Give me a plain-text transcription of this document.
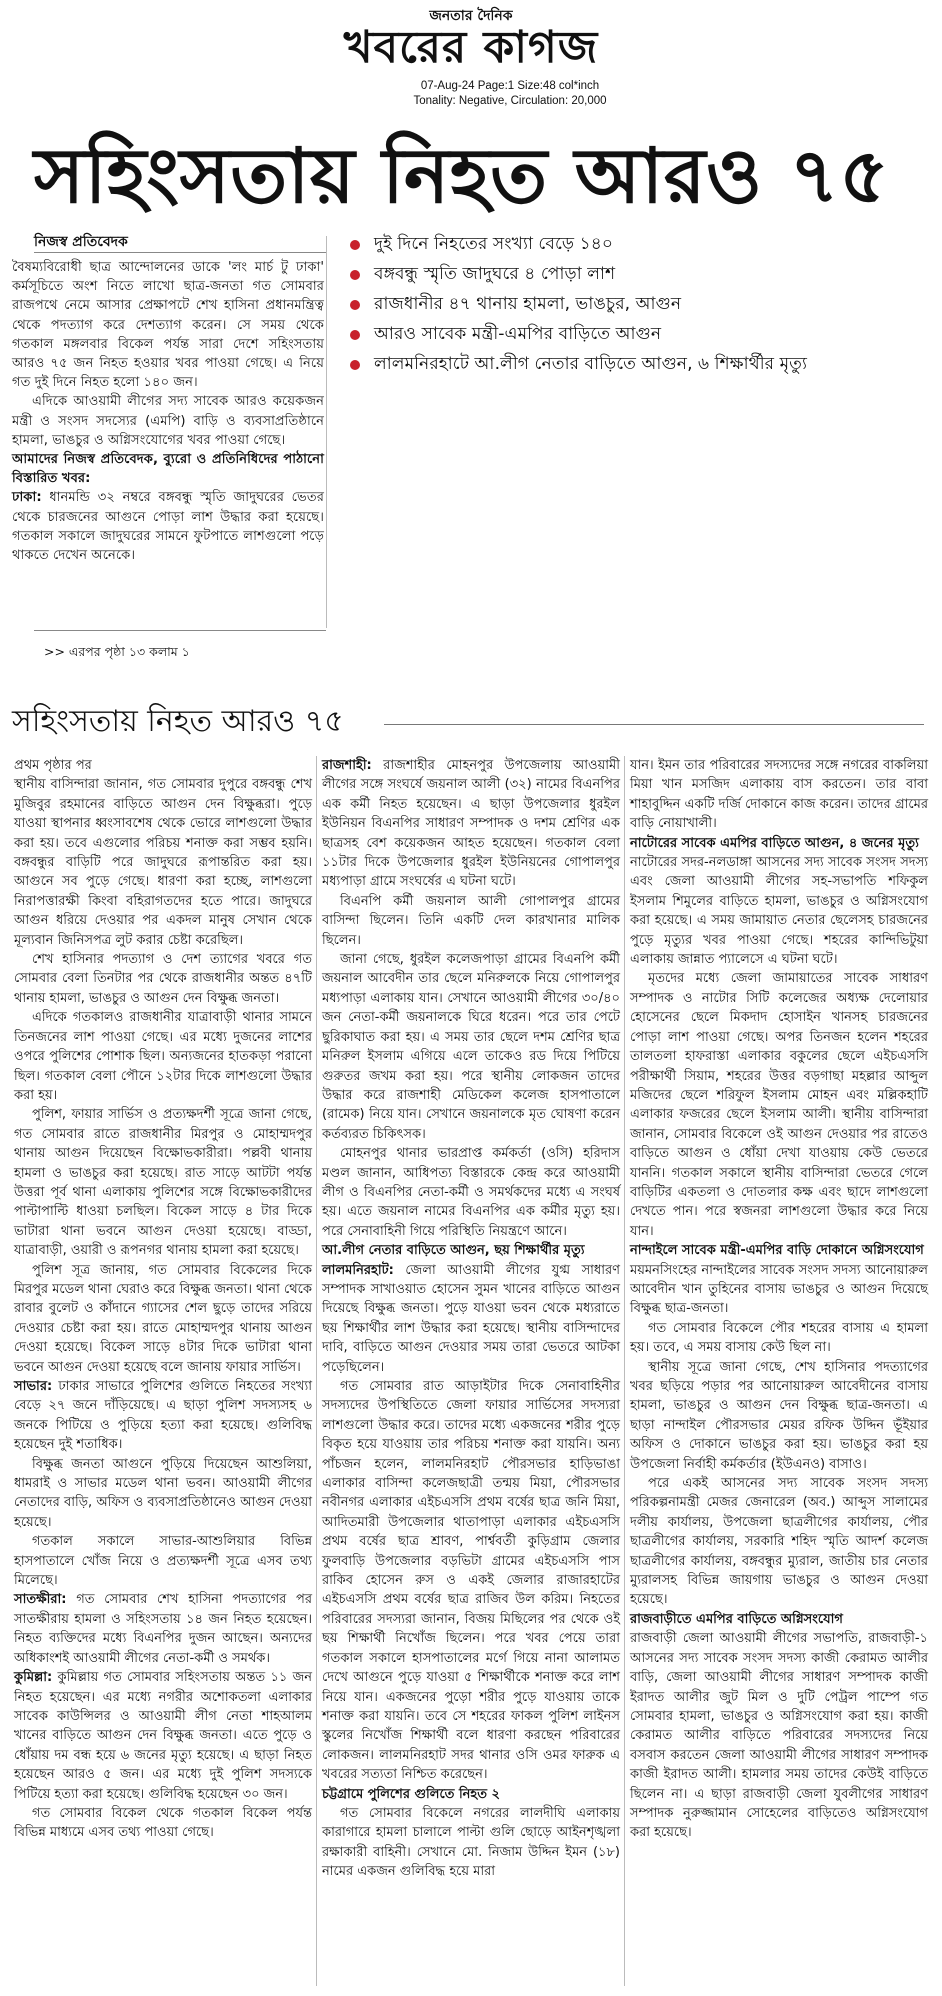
জনতার দৈনিক
খবরের কাগজ
07-Aug-24 Page:1 Size:48 col*inch
Tonality: Negative, Circulation: 20,000
সহিংসতায় নিহত আরও ৭৫
নিজস্ব প্রতিবেদক

বৈষম্যবিরোধী ছাত্র আন্দোলনের ডাকে 'লং মার্চ টু ঢাকা' কর্মসূচিতে অংশ নিতে লাখো ছাত্র-জনতা গত সোমবার রাজপথে নেমে আসার প্রেক্ষাপটে শেখ হাসিনা প্রধানমন্ত্রিত্ব থেকে পদত্যাগ করে দেশত্যাগ করেন। সে সময় থেকে গতকাল মঙ্গলবার বিকেল পর্যন্ত সারা দেশে সহিংসতায় আরও ৭৫ জন নিহত হওয়ার খবর পাওয়া গেছে। এ নিয়ে গত দুই দিনে নিহত হলো ১৪০ জন।

এদিকে আওয়ামী লীগের সদ্য সাবেক আরও কয়েকজন মন্ত্রী ও সংসদ সদস্যের (এমপি) বাড়ি ও ব্যবসাপ্রতিষ্ঠানে হামলা, ভাঙচুর ও অগ্নিসংযোগের খবর পাওয়া গেছে।

আমাদের নিজস্ব প্রতিবেদক, ব্যুরো ও প্রতিনিধিদের পাঠানো বিস্তারিত খবর:

ঢাকা: ধানমন্ডি ৩২ নম্বরে বঙ্গবন্ধু স্মৃতি জাদুঘরের ভেতর থেকে চারজনের আগুনে পোড়া লাশ উদ্ধার করা হয়েছে। গতকাল সকালে জাদুঘরের সামনে ফুটপাতে লাশগুলো পড়ে থাকতে দেখেন অনেকে।

>> এরপর পৃষ্ঠা ১৩ কলাম ১
দুই দিনে নিহতের সংখ্যা বেড়ে ১৪০
বঙ্গবন্ধু স্মৃতি জাদুঘরে ৪ পোড়া লাশ
রাজধানীর ৪৭ থানায় হামলা, ভাঙচুর, আগুন
আরও সাবেক মন্ত্রী-এমপির বাড়িতে আগুন
লালমনিরহাটে আ.লীগ নেতার বাড়িতে আগুন, ৬ শিক্ষার্থীর মৃত্যু
সহিংসতায় নিহত আরও ৭৫

প্রথম পৃষ্ঠার পর

স্থানীয় বাসিন্দারা জানান, গত সোমবার দুপুরে বঙ্গবন্ধু শেখ মুজিবুর রহমানের বাড়িতে আগুন দেন বিক্ষুব্ধরা। পুড়ে যাওয়া স্থাপনার ধ্বংসাবশেষ থেকে ভোরে লাশগুলো উদ্ধার করা হয়। তবে এগুলোর পরিচয় শনাক্ত করা সম্ভব হয়নি। বঙ্গবন্ধুর বাড়িটি পরে জাদুঘরে রূপান্তরিত করা হয়। আগুনে সব পুড়ে গেছে। ধারণা করা হচ্ছে, লাশগুলো নিরাপত্তারক্ষী কিংবা বহিরাগতদের হতে পারে। জাদুঘরে আগুন ধরিয়ে দেওয়ার পর একদল মানুষ সেখান থেকে মূল্যবান জিনিসপত্র লুট করার চেষ্টা করেছিল।

শেখ হাসিনার পদত্যাগ ও দেশ ত্যাগের খবরে গত সোমবার বেলা তিনটার পর থেকে রাজধানীর অন্তত ৪৭টি থানায় হামলা, ভাঙচুর ও আগুন দেন বিক্ষুব্ধ জনতা।

এদিকে গতকালও রাজধানীর যাত্রাবাড়ী থানার সামনে তিনজনের লাশ পাওয়া গেছে। এর মধ্যে দুজনের লাশের ওপরে পুলিশের পোশাক ছিল। অন্যজনের হাতকড়া পরানো ছিল। গতকাল বেলা পৌনে ১২টার দিকে লাশগুলো উদ্ধার করা হয়।

পুলিশ, ফায়ার সার্ভিস ও প্রত্যক্ষদর্শী সূত্রে জানা গেছে, গত সোমবার রাতে রাজধানীর মিরপুর ও মোহাম্মদপুর থানায় আগুন দিয়েছেন বিক্ষোভকারীরা। পল্লবী থানায় হামলা ও ভাঙচুর করা হয়েছে। রাত সাড়ে আটটা পর্যন্ত উত্তরা পূর্ব থানা এলাকায় পুলিশের সঙ্গে বিক্ষোভকারীদের পাল্টাপাল্টি ধাওয়া চলছিল। বিকেল সাড়ে ৪ টার দিকে ভাটারা থানা ভবনে আগুন দেওয়া হয়েছে। বাড্ডা, যাত্রাবাড়ী, ওয়ারী ও রূপনগর থানায় হামলা করা হয়েছে।

পুলিশ সূত্র জানায়, গত সোমবার বিকেলের দিকে মিরপুর মডেল থানা ঘেরাও করে বিক্ষুব্ধ জনতা। থানা থেকে রাবার বুলেট ও কাঁদানে গ্যাসের শেল ছুড়ে তাদের সরিয়ে দেওয়ার চেষ্টা করা হয়। রাতে মোহাম্মদপুর থানায় আগুন দেওয়া হয়েছে। বিকেল সাড়ে ৪টার দিকে ভাটারা থানা ভবনে আগুন দেওয়া হয়েছে বলে জানায় ফায়ার সার্ভিস।

সাভার: ঢাকার সাভারে পুলিশের গুলিতে নিহতের সংখ্যা বেড়ে ২৭ জনে দাঁড়িয়েছে। এ ছাড়া পুলিশ সদস্যসহ ৬ জনকে পিটিয়ে ও পুড়িয়ে হত্যা করা হয়েছে। গুলিবিদ্ধ হয়েছেন দুই শতাধিক।

বিক্ষুব্ধ জনতা আগুনে পুড়িয়ে দিয়েছেন আশুলিয়া, ধামরাই ও সাভার মডেল থানা ভবন। আওয়ামী লীগের নেতাদের বাড়ি, অফিস ও ব্যবসাপ্রতিষ্ঠানেও আগুন দেওয়া হয়েছে।

গতকাল সকালে সাভার-আশুলিয়ার বিভিন্ন হাসপাতালে খোঁজ নিয়ে ও প্রত্যক্ষদর্শী সূত্রে এসব তথ্য মিলেছে।

সাতক্ষীরা: গত সোমবার শেখ হাসিনা পদত্যাগের পর সাতক্ষীরায় হামলা ও সহিংসতায় ১৪ জন নিহত হয়েছেন। নিহত ব্যক্তিদের মধ্যে বিএনপির দুজন আছেন। অন্যদের অধিকাংশই আওয়ামী লীগের নেতা-কর্মী ও সমর্থক।

কুমিল্লা: কুমিল্লায় গত সোমবার সহিংসতায় অন্তত ১১ জন নিহত হয়েছেন। এর মধ্যে নগরীর অশোকতলা এলাকার সাবেক কাউন্সিলর ও আওয়ামী লীগ নেতা শাহআলম খানের বাড়িতে আগুন দেন বিক্ষুব্ধ জনতা। এতে পুড়ে ও ধোঁয়ায় দম বন্ধ হয়ে ৬ জনের মৃত্যু হয়েছে। এ ছাড়া নিহত হয়েছেন আরও ৫ জন। এর মধ্যে দুই পুলিশ সদস্যকে পিটিয়ে হত্যা করা হয়েছে। গুলিবিদ্ধ হয়েছেন ৩০ জন।

গত সোমবার বিকেল থেকে গতকাল বিকেল পর্যন্ত বিভিন্ন মাধ্যমে এসব তথ্য পাওয়া গেছে।

রাজশাহী: রাজশাহীর মোহনপুর উপজেলায় আওয়ামী লীগের সঙ্গে সংঘর্ষে জয়নাল আলী (৩২) নামের বিএনপির এক কর্মী নিহত হয়েছেন। এ ছাড়া উপজেলার ধুরইল ইউনিয়ন বিএনপির সাধারণ সম্পাদক ও দশম শ্রেণির এক ছাত্রসহ বেশ কয়েকজন আহত হয়েছেন। গতকাল বেলা ১১টার দিকে উপজেলার ধুরইল ইউনিয়নের গোপালপুর মধ্যপাড়া গ্রামে সংঘর্ষের এ ঘটনা ঘটে।

বিএনপি কর্মী জয়নাল আলী গোপালপুর গ্রামের বাসিন্দা ছিলেন। তিনি একটি দেল কারখানার মালিক ছিলেন।

জানা গেছে, ধুরইল কলেজপাড়া গ্রামের বিএনপি কর্মী জয়নাল আবেদীন তার ছেলে মনিরুলকে নিয়ে গোপালপুর মধ্যপাড়া এলাকায় যান। সেখানে আওয়ামী লীগের ৩০/৪০ জন নেতা-কর্মী জয়নালকে ঘিরে ধরেন। পরে তার পেটে ছুরিকাঘাত করা হয়। এ সময় তার ছেলে দশম শ্রেণির ছাত্র মনিরুল ইসলাম এগিয়ে এলে তাকেও রড দিয়ে পিটিয়ে গুরুতর জখম করা হয়। পরে স্থানীয় লোকজন তাদের উদ্ধার করে রাজশাহী মেডিকেল কলেজ হাসপাতালে (রামেক) নিয়ে যান। সেখানে জয়নালকে মৃত ঘোষণা করেন কর্তব্যরত চিকিৎসক।

মোহনপুর থানার ভারপ্রাপ্ত কর্মকর্তা (ওসি) হরিদাস মণ্ডল জানান, আধিপত্য বিস্তারকে কেন্দ্র করে আওয়ামী লীগ ও বিএনপির নেতা-কর্মী ও সমর্থকদের মধ্যে এ সংঘর্ষ হয়। এতে জয়নাল নামের বিএনপির এক কর্মীর মৃত্যু হয়। পরে সেনাবাহিনী গিয়ে পরিস্থিতি নিয়ন্ত্রণে আনে।

আ.লীগ নেতার বাড়িতে আগুন, ছয় শিক্ষার্থীর মৃত্যু

লালমনিরহাট: জেলা আওয়ামী লীগের যুগ্ম সাধারণ সম্পাদক সাখাওয়াত হোসেন সুমন খানের বাড়িতে আগুন দিয়েছে বিক্ষুব্ধ জনতা। পুড়ে যাওয়া ভবন থেকে মধ্যরাতে ছয় শিক্ষার্থীর লাশ উদ্ধার করা হয়েছে। স্থানীয় বাসিন্দাদের দাবি, বাড়িতে আগুন দেওয়ার সময় তারা ভেতরে আটকা পড়েছিলেন।

গত সোমবার রাত আড়াইটার দিকে সেনাবাহিনীর সদস্যদের উপস্থিতিতে জেলা ফায়ার সার্ভিসের সদস্যরা লাশগুলো উদ্ধার করে। তাদের মধ্যে একজনের শরীর পুড়ে বিকৃত হয়ে যাওয়ায় তার পরিচয় শনাক্ত করা যায়নি। অন্য পাঁচজন হলেন, লালমনিরহাট পৌরসভার হাড়িভাঙা এলাকার বাসিন্দা কলেজছাত্রী তন্ময় মিয়া, পৌরসভার নবীনগর এলাকার এইচএসসি প্রথম বর্ষের ছাত্র জনি মিয়া, আদিতমারী উপজেলার থাতাপাড়া এলাকার এইচএসসি প্রথম বর্ষের ছাত্র শ্রাবণ, পার্শ্ববর্তী কুড়িগ্রাম জেলার ফুলবাড়ি উপজেলার বড়ভিটা গ্রামের এইচএসসি পাস রাকিব হোসেন রুস ও একই জেলার রাজারহাটের এইচএসসি প্রথম বর্ষের ছাত্র রাজিব উল করিম। নিহতের পরিবারের সদস্যরা জানান, বিজয় মিছিলের পর থেকে ওই ছয় শিক্ষার্থী নিখোঁজ ছিলেন। পরে খবর পেয়ে তারা গতকাল সকালে হাসপাতালের মর্গে গিয়ে নানা আলামত দেখে আগুনে পুড়ে যাওয়া ৫ শিক্ষার্থীকে শনাক্ত করে লাশ নিয়ে যান। একজনের পুড়ো শরীর পুড়ে যাওয়ায় তাকে শনাক্ত করা যায়নি। তবে সে শহরের ফাকল পুলিশ লাইনস স্কুলের নিখোঁজ শিক্ষার্থী বলে ধারণা করছেন পরিবারের লোকজন। লালমনিরহাট সদর থানার ওসি ওমর ফারুক এ খবরের সত্যতা নিশ্চিত করেছেন।

চট্টগ্রামে পুলিশের গুলিতে নিহত ২

গত সোমবার বিকেলে নগরের লালদীঘি এলাকায় কারাগারে হামলা চালালে পাল্টা গুলি ছোড়ে আইনশৃঙ্খলা রক্ষাকারী বাহিনী। সেখানে মো. নিজাম উদ্দিন ইমন (১৮) নামের একজন গুলিবিদ্ধ হয়ে মারা

যান। ইমন তার পরিবারের সদস্যদের সঙ্গে নগরের বাকলিয়া মিয়া খান মসজিদ এলাকায় বাস করতেন। তার বাবা শাহাবুদ্দিন একটি দর্জি দোকানে কাজ করেন। তাদের গ্রামের বাড়ি নোয়াখালী।

নাটোরের সাবেক এমপির বাড়িতে আগুন, ৪ জনের মৃত্যু

নাটোরের সদর-নলডাঙ্গা আসনের সদ্য সাবেক সংসদ সদস্য এবং জেলা আওয়ামী লীগের সহ-সভাপতি শফিকুল ইসলাম শিমুলের বাড়িতে হামলা, ভাঙচুর ও অগ্নিসংযোগ করা হয়েছে। এ সময় জামায়াত নেতার ছেলেসহ চারজনের পুড়ে মৃত্যুর খবর পাওয়া গেছে। শহরের কান্দিভিটুয়া এলাকায় জান্নাত প্যালেসে এ ঘটনা ঘটে।

মৃতদের মধ্যে জেলা জামায়াতের সাবেক সাধারণ সম্পাদক ও নাটোর সিটি কলেজের অধ্যক্ষ দেলোয়ার হোসেনের ছেলে মিকদাদ হোসাইন খানসহ চারজনের পোড়া লাশ পাওয়া গেছে। অপর তিনজন হলেন শহরের তালতলা হাফরাস্তা এলাকার বকুলের ছেলে এইচএসসি পরীক্ষার্থী সিয়াম, শহরের উত্তর বড়গাছা মহল্লার আব্দুল মজিদের ছেলে শরিফুল ইসলাম মোহন এবং মল্লিকহাটি এলাকার ফজরের ছেলে ইসলাম আলী। স্থানীয় বাসিন্দারা জানান, সোমবার বিকেলে ওই আগুন দেওয়ার পর রাতেও বাড়িতে আগুন ও ধোঁয়া দেখা যাওয়ায় কেউ ভেতরে যাননি। গতকাল সকালে স্থানীয় বাসিন্দারা ভেতরে গেলে বাড়িটির একতলা ও দোতলার কক্ষ এবং ছাদে লাশগুলো দেখতে পান। পরে স্বজনরা লাশগুলো উদ্ধার করে নিয়ে যান।

নান্দাইলে সাবেক মন্ত্রী-এমপির বাড়ি দোকানে অগ্নিসংযোগ

ময়মনসিংহের নান্দাইলের সাবেক সংসদ সদস্য আনোয়ারুল আবেদীন খান তুহিনের বাসায় ভাঙচুর ও আগুন দিয়েছে বিক্ষুব্ধ ছাত্র-জনতা।

গত সোমবার বিকেলে পৌর শহরের বাসায় এ হামলা হয়। তবে, এ সময় বাসায় কেউ ছিল না।

স্থানীয় সূত্রে জানা গেছে, শেখ হাসিনার পদত্যাগের খবর ছড়িয়ে পড়ার পর আনোয়ারুল আবেদীনের বাসায় হামলা, ভাঙচুর ও আগুন দেন বিক্ষুব্ধ ছাত্র-জনতা। এ ছাড়া নান্দাইল পৌরসভার মেয়র রফিক উদ্দিন ভূঁইয়ার অফিস ও দোকানে ভাঙচুর করা হয়। ভাঙচুর করা হয় উপজেলা নির্বাহী কর্মকর্তার (ইউএনও) বাসাও।

পরে একই আসনের সদ্য সাবেক সংসদ সদস্য পরিকল্পনামন্ত্রী মেজর জেনারেল (অব.) আব্দুস সালামের দলীয় কার্যালয়, উপজেলা ছাত্রলীগের কার্যালয়, পৌর ছাত্রলীগের কার্যালয়, সরকারি শহিদ স্মৃতি আদর্শ কলেজ ছাত্রলীগের কার্যালয়, বঙ্গবন্ধুর ম্যুরাল, জাতীয় চার নেতার ম্যুরালসহ বিভিন্ন জায়গায় ভাঙচুর ও আগুন দেওয়া হয়েছে।

রাজবাড়ীতে এমপির বাড়িতে অগ্নিসংযোগ

রাজবাড়ী জেলা আওয়ামী লীগের সভাপতি, রাজবাড়ী-১ আসনের সদ্য সাবেক সংসদ সদস্য কাজী কেরামত আলীর বাড়ি, জেলা আওয়ামী লীগের সাধারণ সম্পাদক কাজী ইরাদত আলীর জুট মিল ও দুটি পেট্রল পাম্পে গত সোমবার হামলা, ভাঙচুর ও অগ্নিসংযোগ করা হয়। কাজী কেরামত আলীর বাড়িতে পরিবারের সদস্যদের নিয়ে বসবাস করতেন জেলা আওয়ামী লীগের সাধারণ সম্পাদক কাজী ইরাদত আলী। হামলার সময় তাদের কেউই বাড়িতে ছিলেন না। এ ছাড়া রাজবাড়ী জেলা যুবলীগের সাধারণ সম্পাদক নুরুজ্জামান সোহেলের বাড়িতেও অগ্নিসংযোগ করা হয়েছে।
